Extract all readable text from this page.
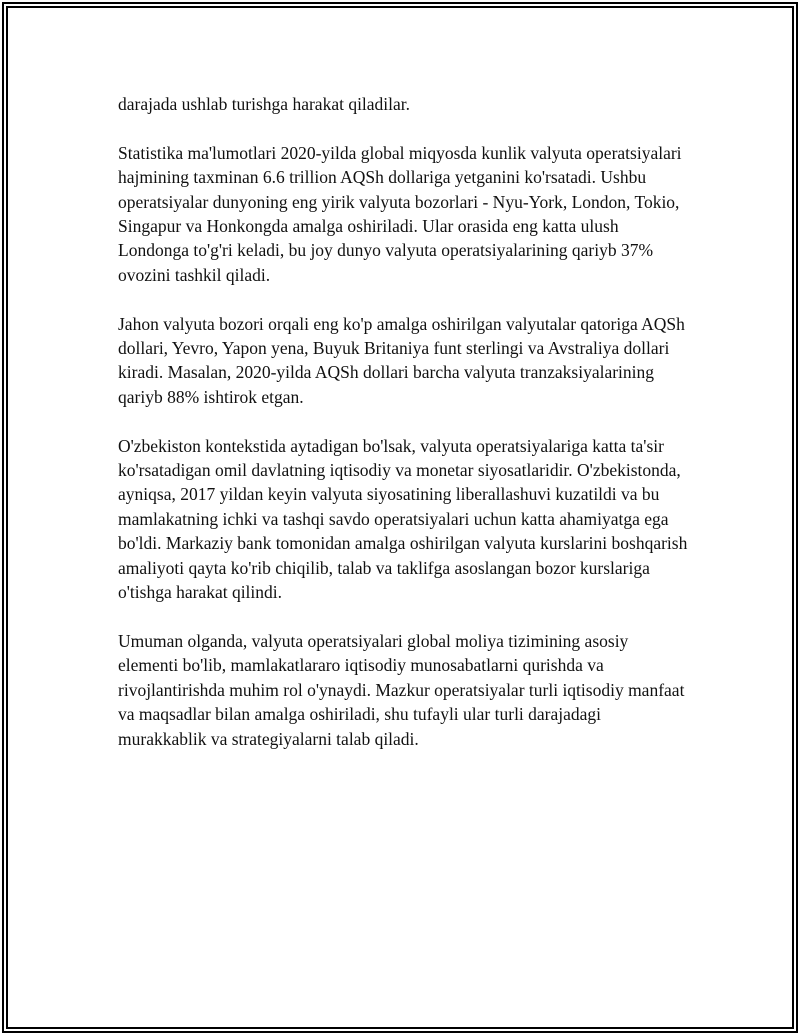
darajada ushlab turishga harakat qiladilar.

Statistika ma'lumotlari 2020-yilda global miqyosda kunlik valyuta operatsiyalari hajmining taxminan 6.6 trillion AQSh dollariga yetganini ko'rsatadi. Ushbu operatsiyalar dunyoning eng yirik valyuta bozorlari - Nyu-York, London, Tokio, Singapur va Honkongda amalga oshiriladi. Ular orasida eng katta ulush Londonga to'g'ri keladi, bu joy dunyo valyuta operatsiyalarining qariyb 37% ovozini tashkil qiladi.

Jahon valyuta bozori orqali eng ko'p amalga oshirilgan valyutalar qatoriga AQSh dollari, Yevro, Yapon yena, Buyuk Britaniya funt sterlingi va Avstraliya dollari kiradi. Masalan, 2020-yilda AQSh dollari barcha valyuta tranzaksiyalarining qariyb 88% ishtirok etgan.

O'zbekiston kontekstida aytadigan bo'lsak, valyuta operatsiyalariga katta ta'sir ko'rsatadigan omil davlatning iqtisodiy va monetar siyosatlaridir. O'zbekistonda, ayniqsa, 2017 yildan keyin valyuta siyosatining liberallashuvi kuzatildi va bu mamlakatning ichki va tashqi savdo operatsiyalari uchun katta ahamiyatga ega bo'ldi. Markaziy bank tomonidan amalga oshirilgan valyuta kurslarini boshqarish amaliyoti qayta ko'rib chiqilib, talab va taklifga asoslangan bozor kurslariga o'tishga harakat qilindi.

Umuman olganda, valyuta operatsiyalari global moliya tizimining asosiy elementi bo'lib, mamlakatlararo iqtisodiy munosabatlarni qurishda va rivojlantirishda muhim rol o'ynaydi. Mazkur operatsiyalar turli iqtisodiy manfaat va maqsadlar bilan amalga oshiriladi, shu tufayli ular turli darajadagi murakkablik va strategiyalarni talab qiladi.
